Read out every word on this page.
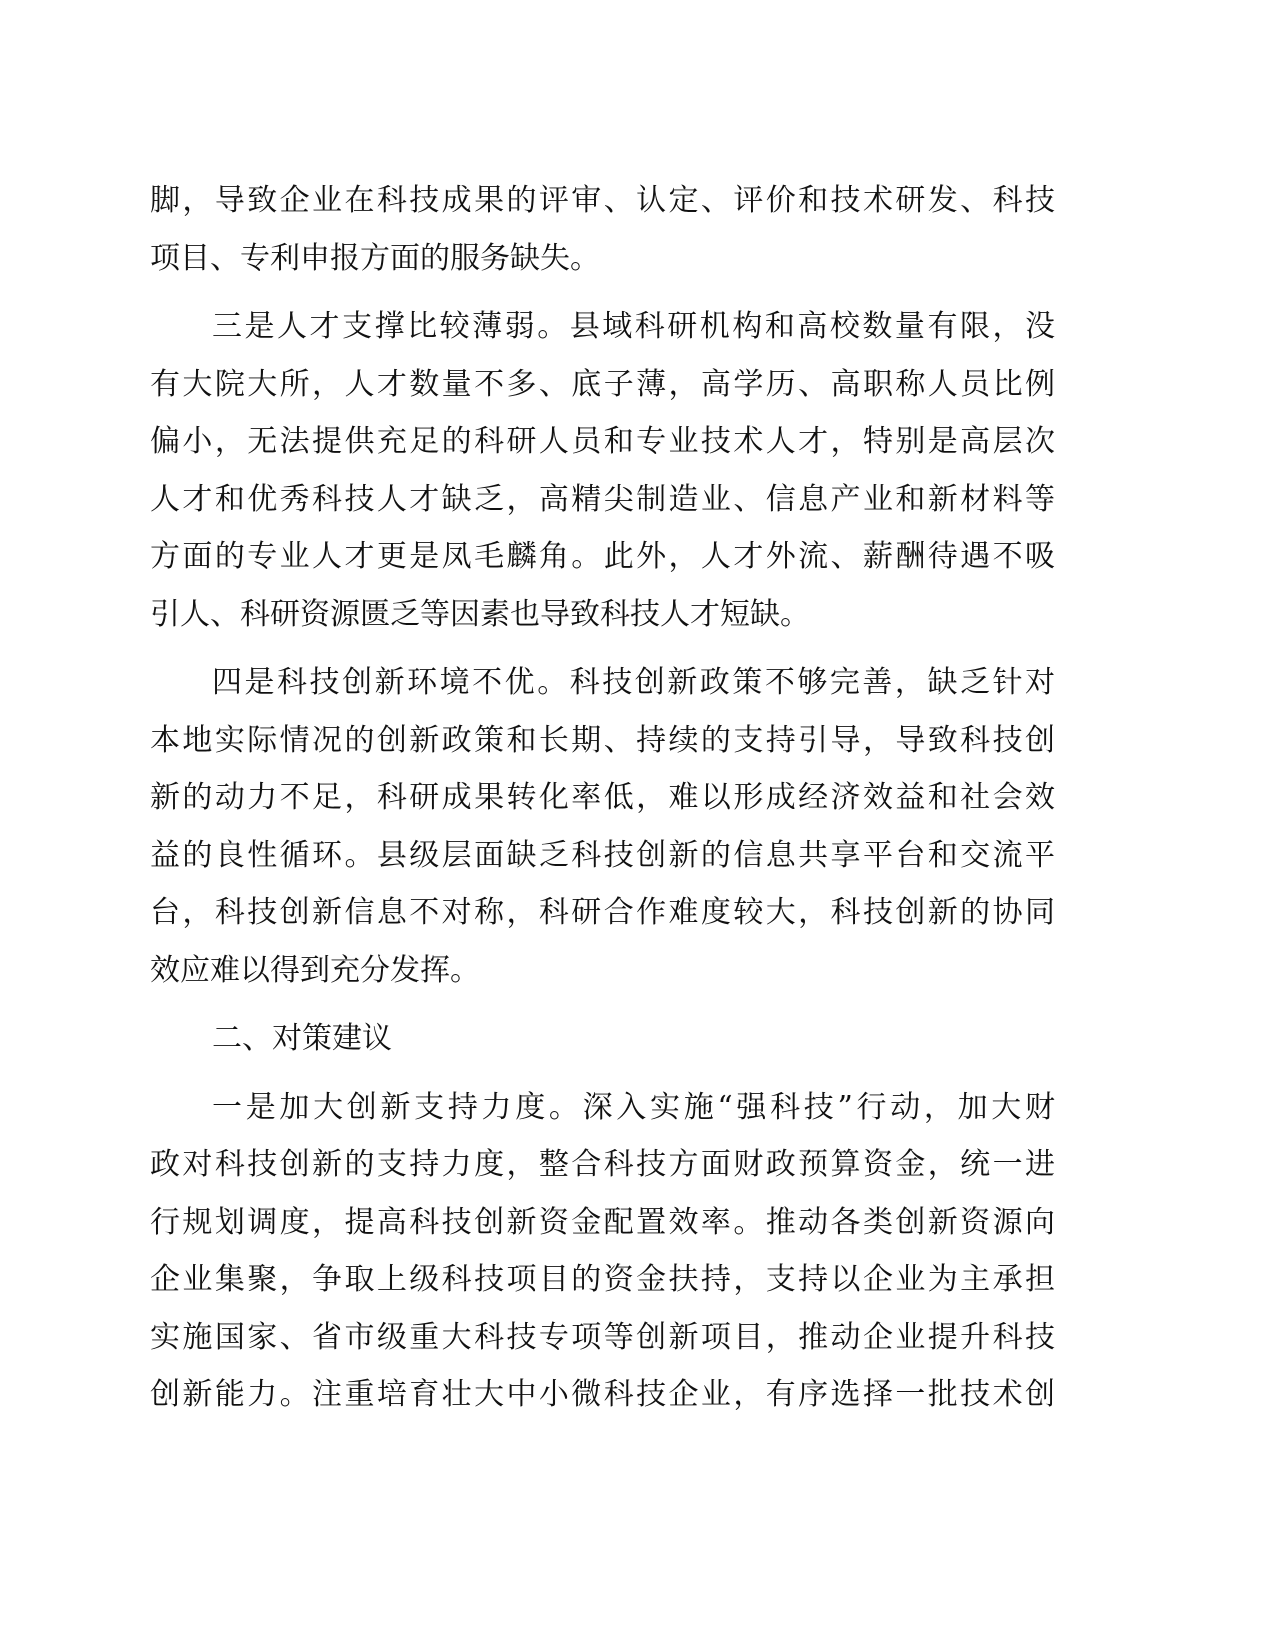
脚，导致企业在科技成果的评审、认定、评价和技术研发、科技
项目、专利申报方面的服务缺失。
三是人才支撑比较薄弱。县域科研机构和高校数量有限，没
有大院大所，人才数量不多、底子薄，高学历、高职称人员比例
偏小，无法提供充足的科研人员和专业技术人才，特别是高层次
人才和优秀科技人才缺乏，高精尖制造业、信息产业和新材料等
方面的专业人才更是凤毛麟角。此外，人才外流、薪酬待遇不吸
引人、科研资源匮乏等因素也导致科技人才短缺。
四是科技创新环境不优。科技创新政策不够完善，缺乏针对
本地实际情况的创新政策和长期、持续的支持引导，导致科技创
新的动力不足，科研成果转化率低，难以形成经济效益和社会效
益的良性循环。县级层面缺乏科技创新的信息共享平台和交流平
台，科技创新信息不对称，科研合作难度较大，科技创新的协同
效应难以得到充分发挥。
二、对策建议
一是加大创新支持力度。深入实施“强科技”行动，加大财
政对科技创新的支持力度，整合科技方面财政预算资金，统一进
行规划调度，提高科技创新资金配置效率。推动各类创新资源向
企业集聚，争取上级科技项目的资金扶持，支持以企业为主承担
实施国家、省市级重大科技专项等创新项目，推动企业提升科技
创新能力。注重培育壮大中小微科技企业，有序选择一批技术创
